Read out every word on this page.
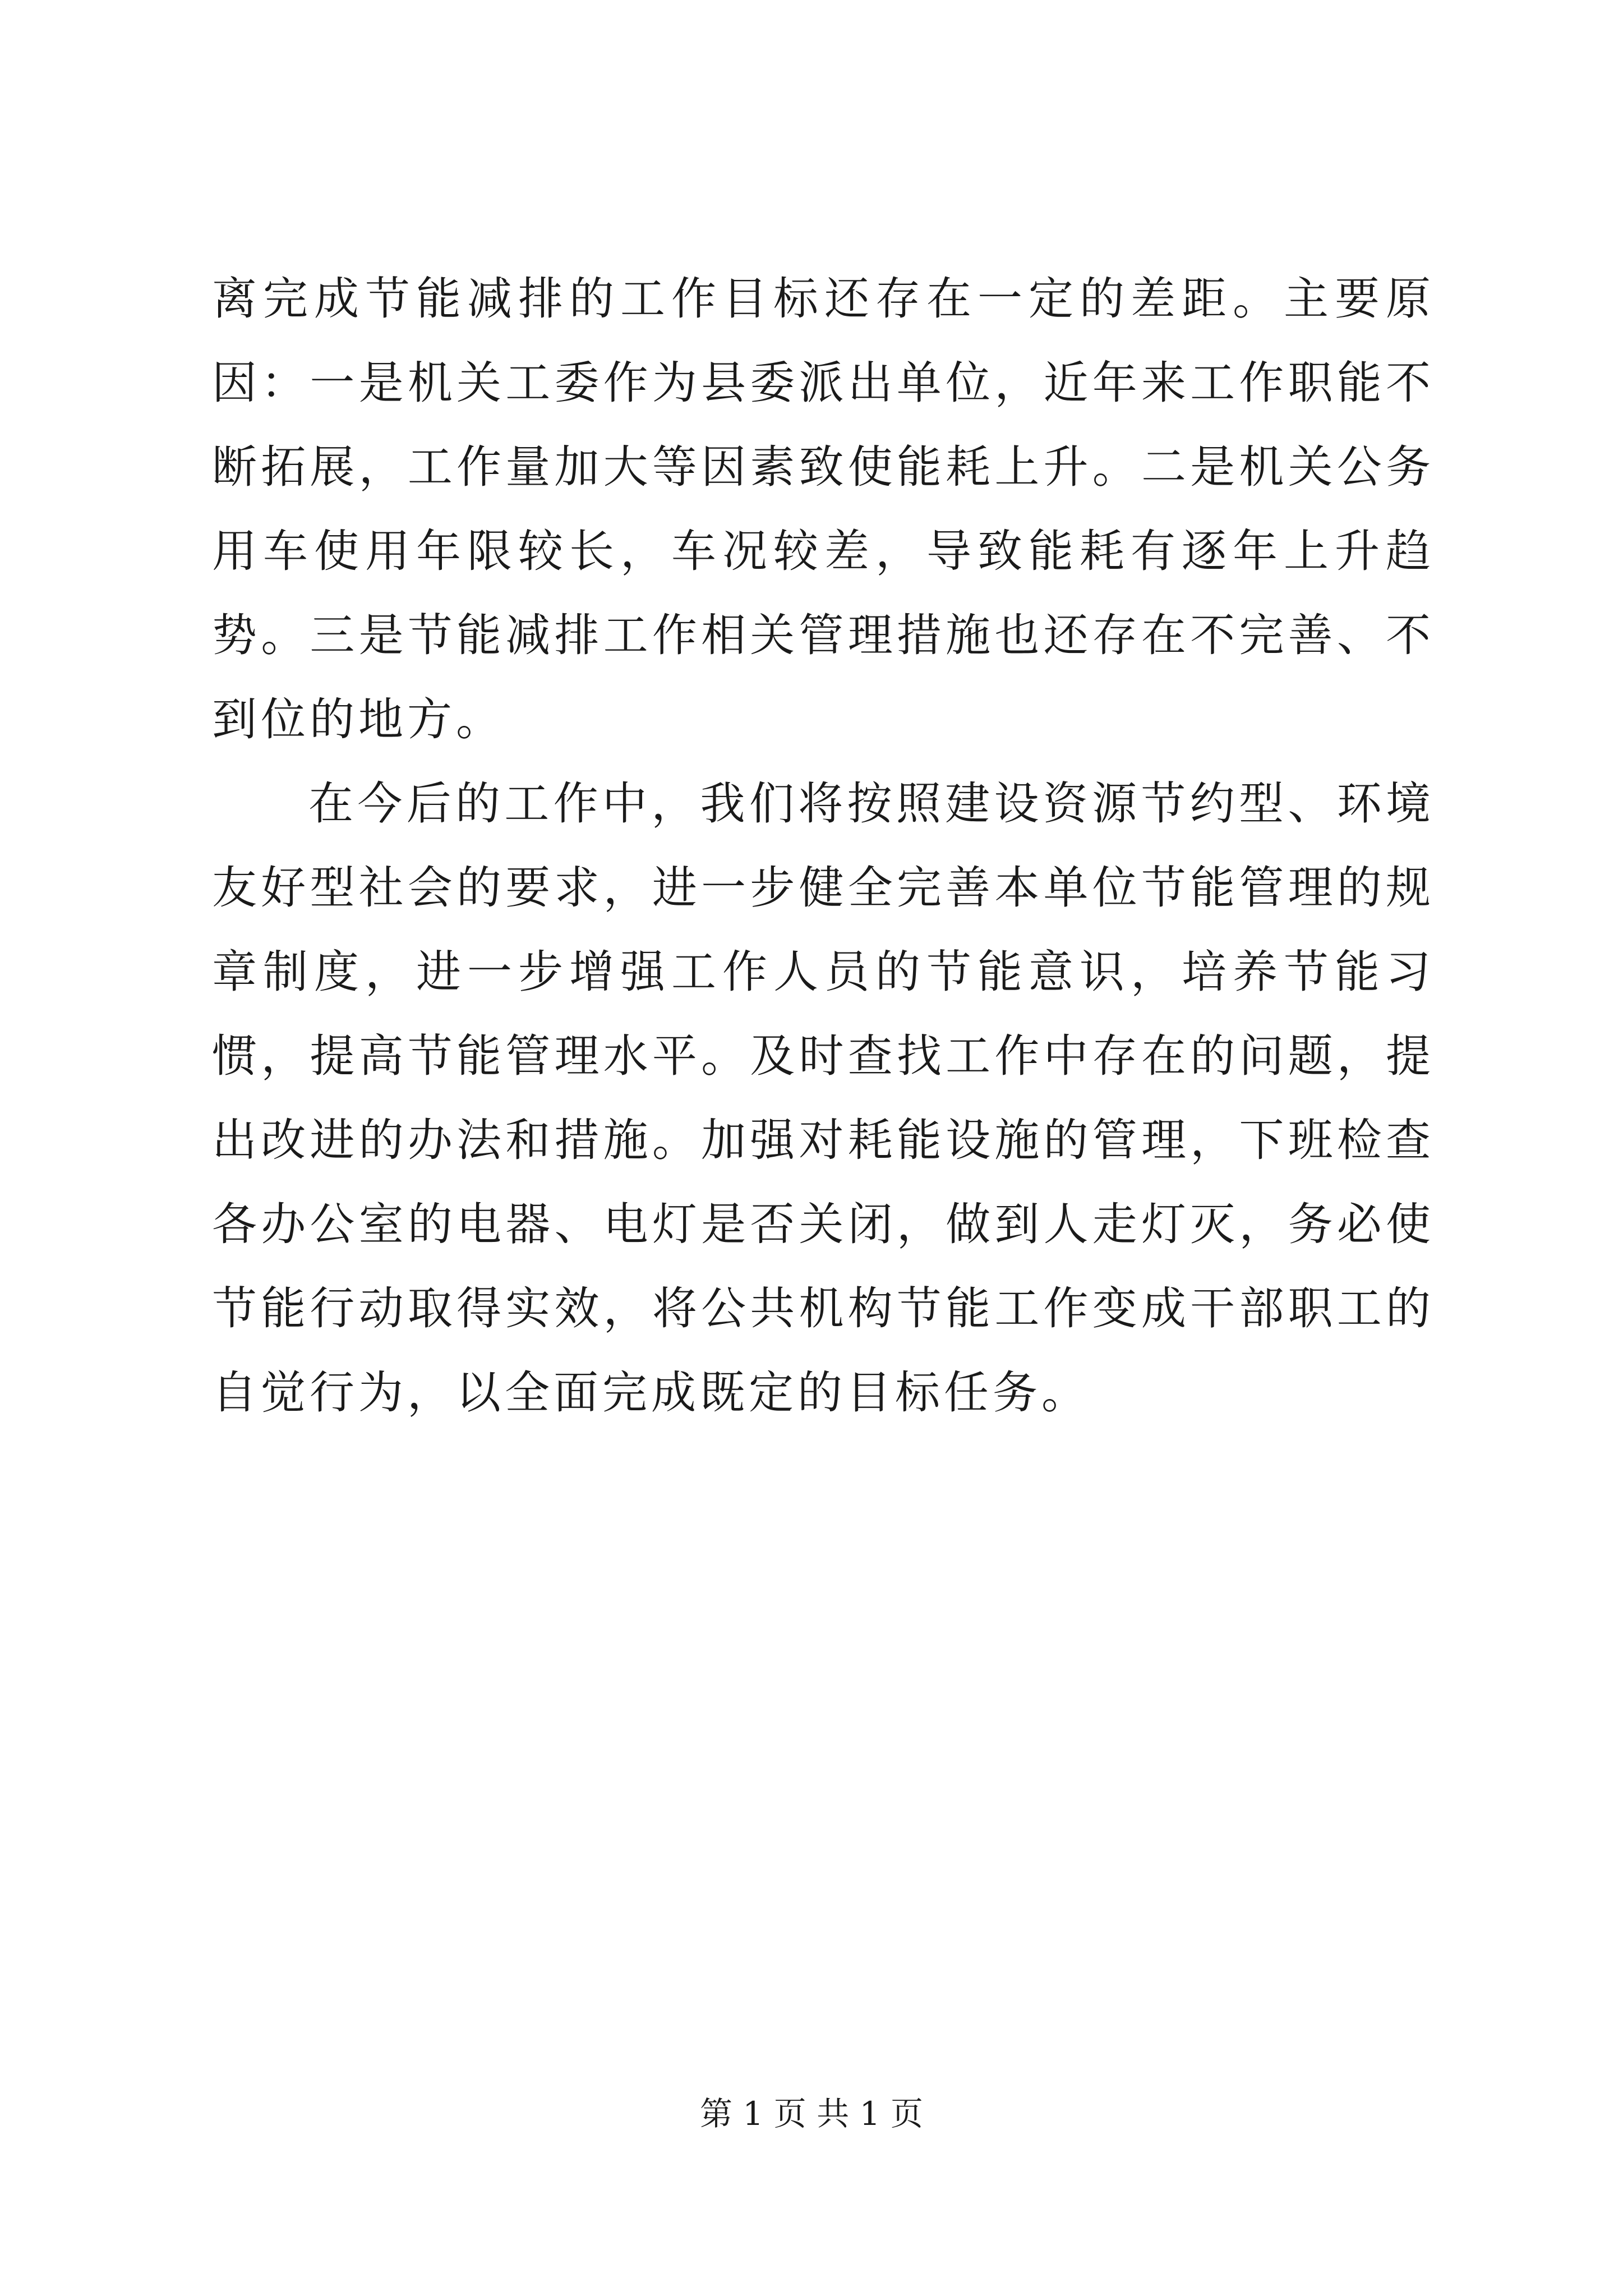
离完成节能减排的工作目标还存在一定的差距。主要原因：一是机关工委作为县委派出单位，近年来工作职能不断拓展，工作量加大等因素致使能耗上升。二是机关公务用车使用年限较长，车况较差，导致能耗有逐年上升趋势。三是节能减排工作相关管理措施也还存在不完善、不到位的地方。

在今后的工作中，我们将按照建设资源节约型、环境友好型社会的要求，进一步健全完善本单位节能管理的规章制度，进一步增强工作人员的节能意识，培养节能习惯，提高节能管理水平。及时查找工作中存在的问题，提出改进的办法和措施。加强对耗能设施的管理，下班检查各办公室的电器、电灯是否关闭，做到人走灯灭，务必使节能行动取得实效，将公共机构节能工作变成干部职工的自觉行为，以全面完成既定的目标任务。

第 1 页 共 1 页
